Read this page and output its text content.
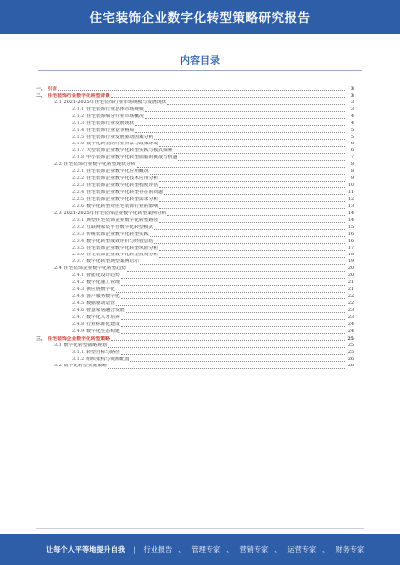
住宅装饰企业数字化转型策略研究报告
内容目录
一、 引言	3
二、 住宅装饰行业数字化转型背景	3
2.1 2021-2025年住宅装饰行业市场规模与发展现状	3
2.1.1 住宅装饰行业总体市场规模	3
2.1.2 住宅装饰细分行业市场概况	4
2.1.3 住宅装饰行业发展现状	4
2.1.4 住宅装饰行业竞争格局	5
2.1.5 住宅装饰行业发展驱动因素分析	5
2.1.6 数字化转型的行业背景与政策环境	6
2.1.7 大型装饰企业数字化转型实践与模式探索	6
2.1.8 中小装饰企业数字化转型面临的挑战与机遇	7
2.2 住宅装饰行业数字化转型现状分析	8
2.2.1 住宅装饰企业数字化应用概况	8
2.2.2 住宅装饰企业数字化技术应用分析	9
2.2.3 住宅装饰企业数字化转型程度评估	10
2.2.4 住宅装饰企业数字化转型存在的问题	11
2.2.5 住宅装饰企业数字化转型需求分析	12
2.2.6 数字化转型对住宅装饰行业的影响	13
2.3 2021-2025年住宅装饰企业数字化转型案例分析	14
2.3.1 典型住宅装饰企业数字化转型路径	14
2.3.2 互联网家装平台数字化转型模式	15
2.3.3 传统装饰企业数字化转型实践	16
2.3.4 数字化转型成效评价与经验总结	16
2.3.5 住宅装饰企业数字化转型风险分析	17
2.3.6 住宅装饰企业数字化转型投资分析	18
2.3.7 数字化转型典型案例启示	19
2.4 住宅装饰企业数字化转型趋势	20
2.4.1 智能化设计趋势	20
2.4.2 数字化施工管理	21
2.4.3 供应链数字化	21
2.4.4 客户服务数字化	22
2.4.5 数据驱动运营	22
2.4.6 智慧家居融合发展	23
2.4.7 数字化人才培养	23
2.4.8 行业标准化建设	24
2.4.9 数字化生态构建	24
三、 住宅装饰企业数字化转型策略	25
3.1 数字化转型战略规划	25
3.1.1 转型目标与路径	25
3.1.2 组织架构与资源配置	26
3.2 数字化转型实施策略	26
让每个人平等地提升自我 | 行业报告 、 管理专家 、 营销专家 、 运营专家 、 财务专家
